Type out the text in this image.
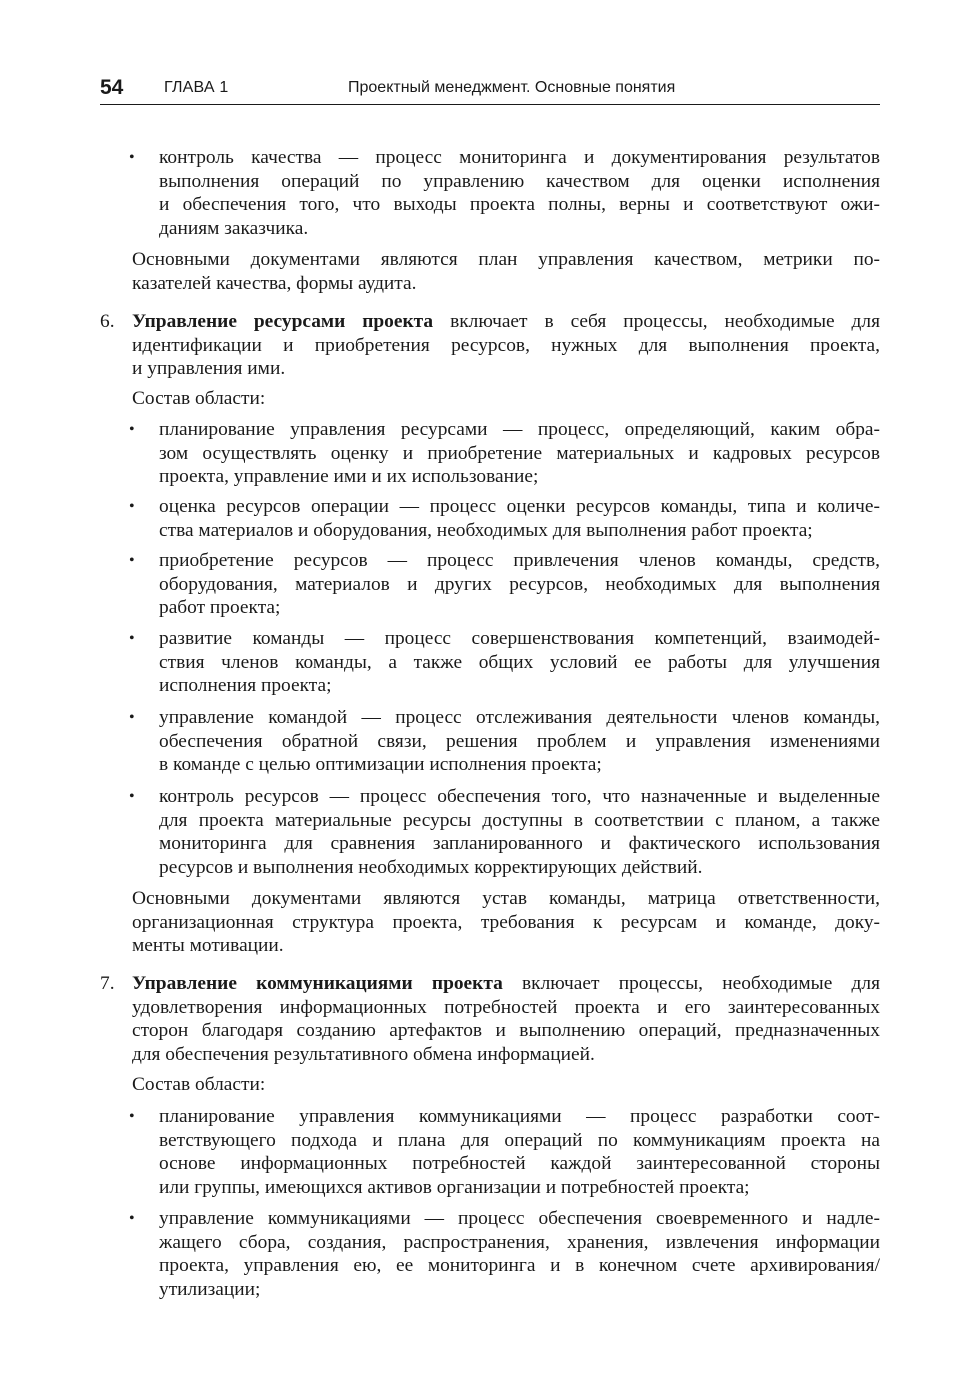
54	ГЛАВА 1	Проектный менеджмент. Основные понятия
•	контроль качества — процесс мониторинга и документирования результатов
выполнения операций по управлению качеством для оценки исполнения
и обеспечения того, что выходы проекта полны, верны и соответствуют ожи-
даниям заказчика.
Основными документами являются план управления качеством, метрики по-
казателей качества, формы аудита.
6. Управление ресурсами проекта включает в себя процессы, необходимые для
идентификации и приобретения ресурсов, нужных для выполнения проекта,
и управления ими.
Состав области:
•	планирование управления ресурсами — процесс, определяющий, каким обра-
зом осуществлять оценку и приобретение материальных и кадровых ресурсов
проекта, управление ими и их использование;
•	оценка ресурсов операции — процесс оценки ресурсов команды, типа и количе-
ства материалов и оборудования, необходимых для выполнения работ проекта;
•	приобретение ресурсов — процесс привлечения членов команды, средств,
оборудования, материалов и других ресурсов, необходимых для выполнения
работ проекта;
•	развитие команды — процесс совершенствования компетенций, взаимодей-
ствия членов команды, а также общих условий ее работы для улучшения
исполнения проекта;
•	управление командой — процесс отслеживания деятельности членов команды,
обеспечения обратной связи, решения проблем и управления изменениями
в команде с целью оптимизации исполнения проекта;
•	контроль ресурсов — процесс обеспечения того, что назначенные и выделенные
для проекта материальные ресурсы доступны в соответствии с планом, а также
мониторинга для сравнения запланированного и фактического использования
ресурсов и выполнения необходимых корректирующих действий.
Основными документами являются устав команды, матрица ответственности,
организационная структура проекта, требования к ресурсам и команде, доку-
менты мотивации.
7. Управление коммуникациями проекта включает процессы, необходимые для
удовлетворения информационных потребностей проекта и его заинтересованных
сторон благодаря созданию артефактов и выполнению операций, предназначенных
для обеспечения результативного обмена информацией.
Состав области:
•	планирование управления коммуникациями — процесс разработки соот-
ветствующего подхода и плана для операций по коммуникациям проекта на
основе информационных потребностей каждой заинтересованной стороны
или группы, имеющихся активов организации и потребностей проекта;
•	управление коммуникациями — процесс обеспечения своевременного и надле-
жащего сбора, создания, распространения, хранения, извлечения информации
проекта, управления ею, ее мониторинга и в конечном счете архивирования/
утилизации;
